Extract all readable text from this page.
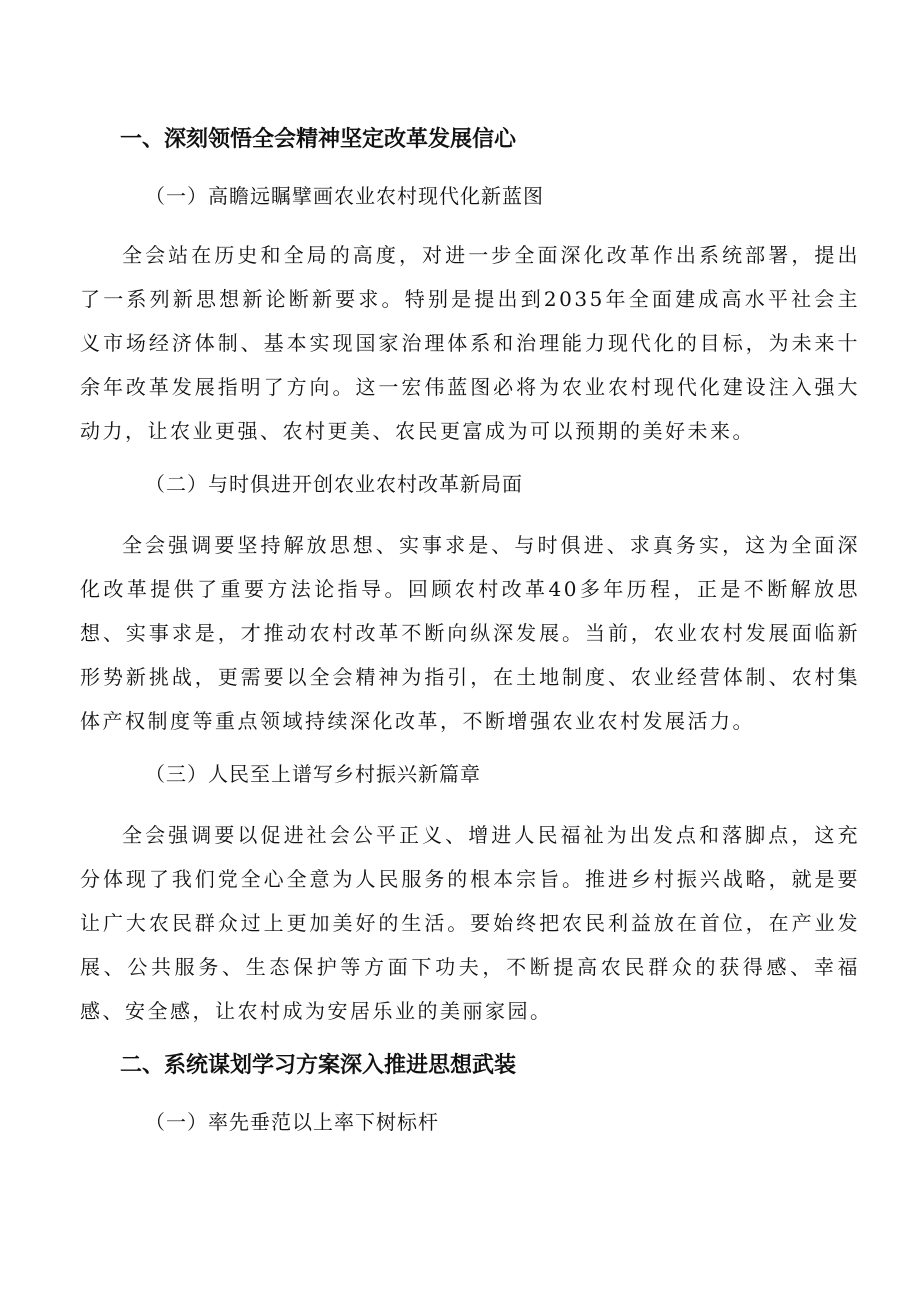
一、深刻领悟全会精神坚定改革发展信心
（一）高瞻远瞩擘画农业农村现代化新蓝图

全会站在历史和全局的高度，对进一步全面深化改革作出系统部署，提出了一系列新思想新论断新要求。特别是提出到2035年全面建成高水平社会主义市场经济体制、基本实现国家治理体系和治理能力现代化的目标，为未来十余年改革发展指明了方向。这一宏伟蓝图必将为农业农村现代化建设注入强大动力，让农业更强、农村更美、农民更富成为可以预期的美好未来。

（二）与时俱进开创农业农村改革新局面

全会强调要坚持解放思想、实事求是、与时俱进、求真务实，这为全面深化改革提供了重要方法论指导。回顾农村改革40多年历程，正是不断解放思想、实事求是，才推动农村改革不断向纵深发展。当前，农业农村发展面临新形势新挑战，更需要以全会精神为指引，在土地制度、农业经营体制、农村集体产权制度等重点领域持续深化改革，不断增强农业农村发展活力。

（三）人民至上谱写乡村振兴新篇章

全会强调要以促进社会公平正义、增进人民福祉为出发点和落脚点，这充分体现了我们党全心全意为人民服务的根本宗旨。推进乡村振兴战略，就是要让广大农民群众过上更加美好的生活。要始终把农民利益放在首位，在产业发展、公共服务、生态保护等方面下功夫，不断提高农民群众的获得感、幸福感、安全感，让农村成为安居乐业的美丽家园。

二、系统谋划学习方案深入推进思想武装
（一）率先垂范以上率下树标杆
